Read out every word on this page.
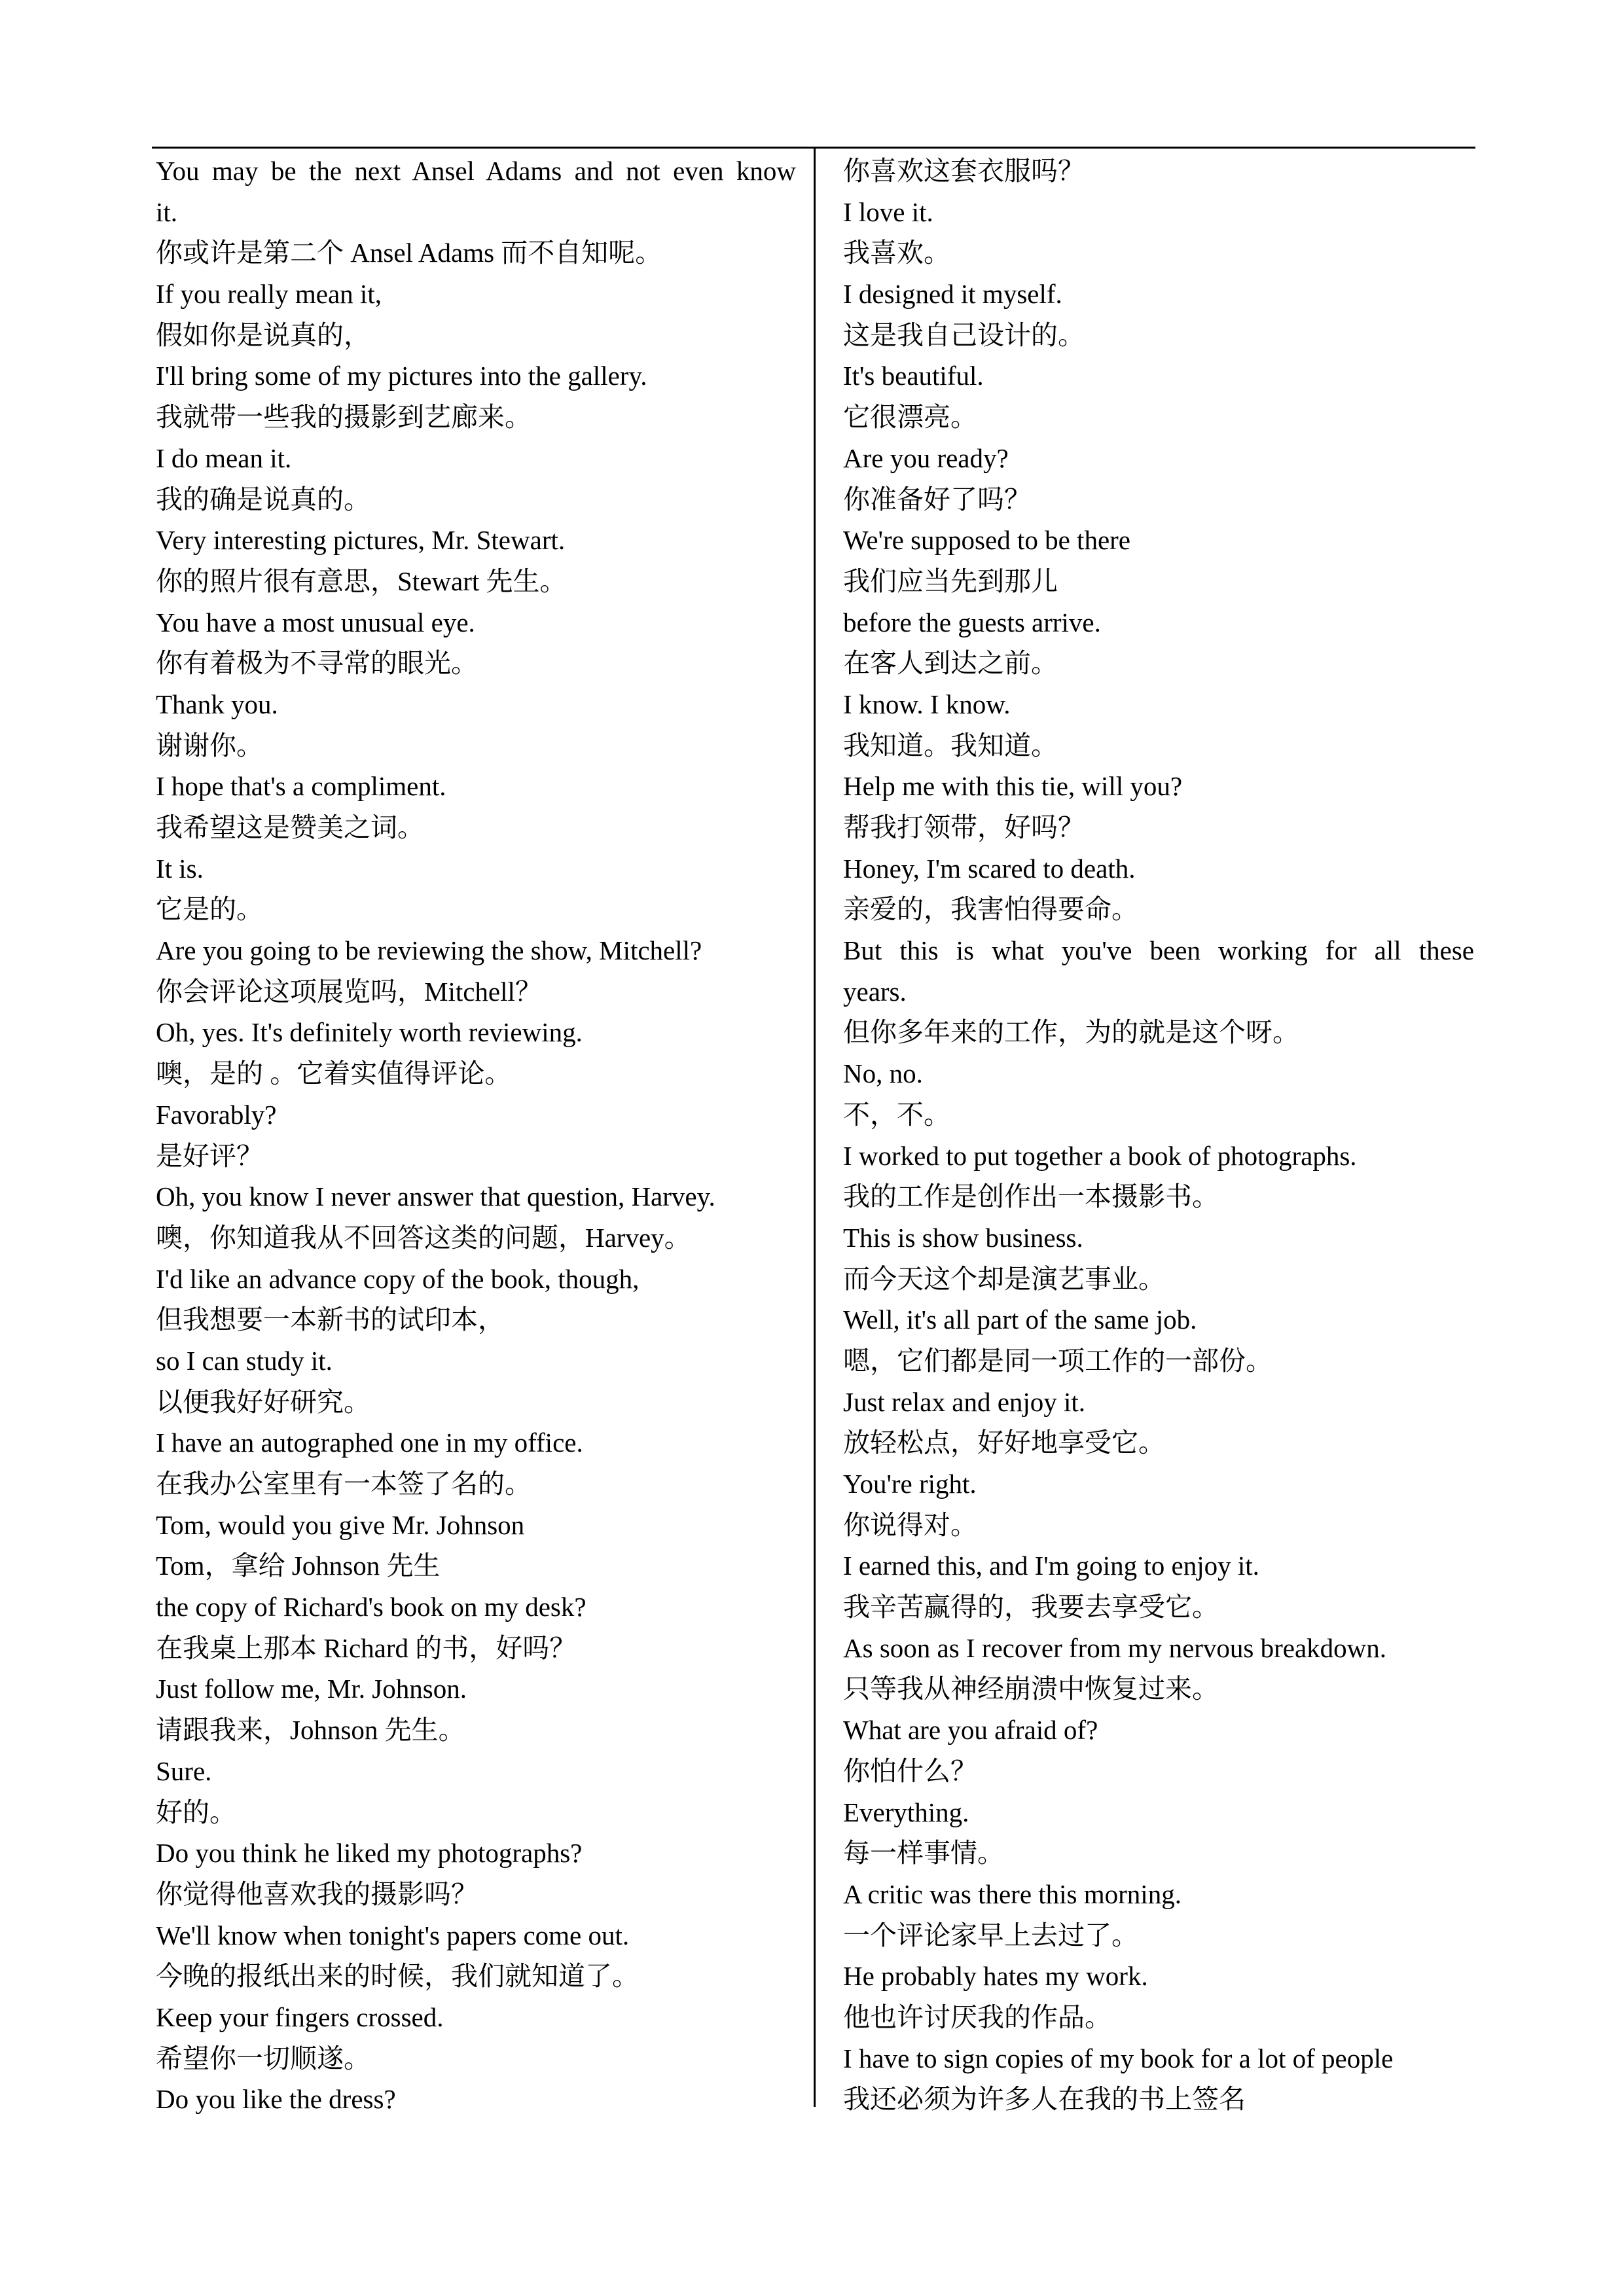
You may be the next Ansel Adams and not even know
it.
你或许是第二个 Ansel Adams 而不自知呢。
If you really mean it,
假如你是说真的，
I'll bring some of my pictures into the gallery.
我就带一些我的摄影到艺廊来。
I do mean it.
我的确是说真的。
Very interesting pictures, Mr. Stewart.
你的照片很有意思，Stewart 先生。
You have a most unusual eye.
你有着极为不寻常的眼光。
Thank you.
谢谢你。
I hope that's a compliment.
我希望这是赞美之词。
It is.
它是的。
Are you going to be reviewing the show, Mitchell?
你会评论这项展览吗，Mitchell？
Oh, yes. It's definitely worth reviewing.
噢，是的 。它着实值得评论。
Favorably?
是好评？
Oh, you know I never answer that question, Harvey.
噢，你知道我从不回答这类的问题，Harvey。
I'd like an advance copy of the book, though,
但我想要一本新书的试印本，
so I can study it.
以便我好好研究。
I have an autographed one in my office.
在我办公室里有一本签了名的。
Tom, would you give Mr. Johnson
Tom，拿给 Johnson 先生
the copy of Richard's book on my desk?
在我桌上那本 Richard 的书，好吗？
Just follow me, Mr. Johnson.
请跟我来，Johnson 先生。
Sure.
好的。
Do you think he liked my photographs?
你觉得他喜欢我的摄影吗？
We'll know when tonight's papers come out.
今晚的报纸出来的时候，我们就知道了。
Keep your fingers crossed.
希望你一切顺遂。
Do you like the dress?
你喜欢这套衣服吗？
I love it.
我喜欢。
I designed it myself.
这是我自己设计的。
It's beautiful.
它很漂亮。
Are you ready?
你准备好了吗？
We're supposed to be there
我们应当先到那儿
before the guests arrive.
在客人到达之前。
I know. I know.
我知道。我知道。
Help me with this tie, will you?
帮我打领带，好吗？
Honey, I'm scared to death.
亲爱的，我害怕得要命。
But this is what you've been working for all these
years.
但你多年来的工作，为的就是这个呀。
No, no.
不，不。
I worked to put together a book of photographs.
我的工作是创作出一本摄影书。
This is show business.
而今天这个却是演艺事业。
Well, it's all part of the same job.
嗯，它们都是同一项工作的一部份。
Just relax and enjoy it.
放轻松点，好好地享受它。
You're right.
你说得对。
I earned this, and I'm going to enjoy it.
我辛苦赢得的，我要去享受它。
As soon as I recover from my nervous breakdown.
只等我从神经崩溃中恢复过来。
What are you afraid of?
你怕什么？
Everything.
每一样事情。
A critic was there this morning.
一个评论家早上去过了。
He probably hates my work.
他也许讨厌我的作品。
I have to sign copies of my book for a lot of people
我还必须为许多人在我的书上签名
